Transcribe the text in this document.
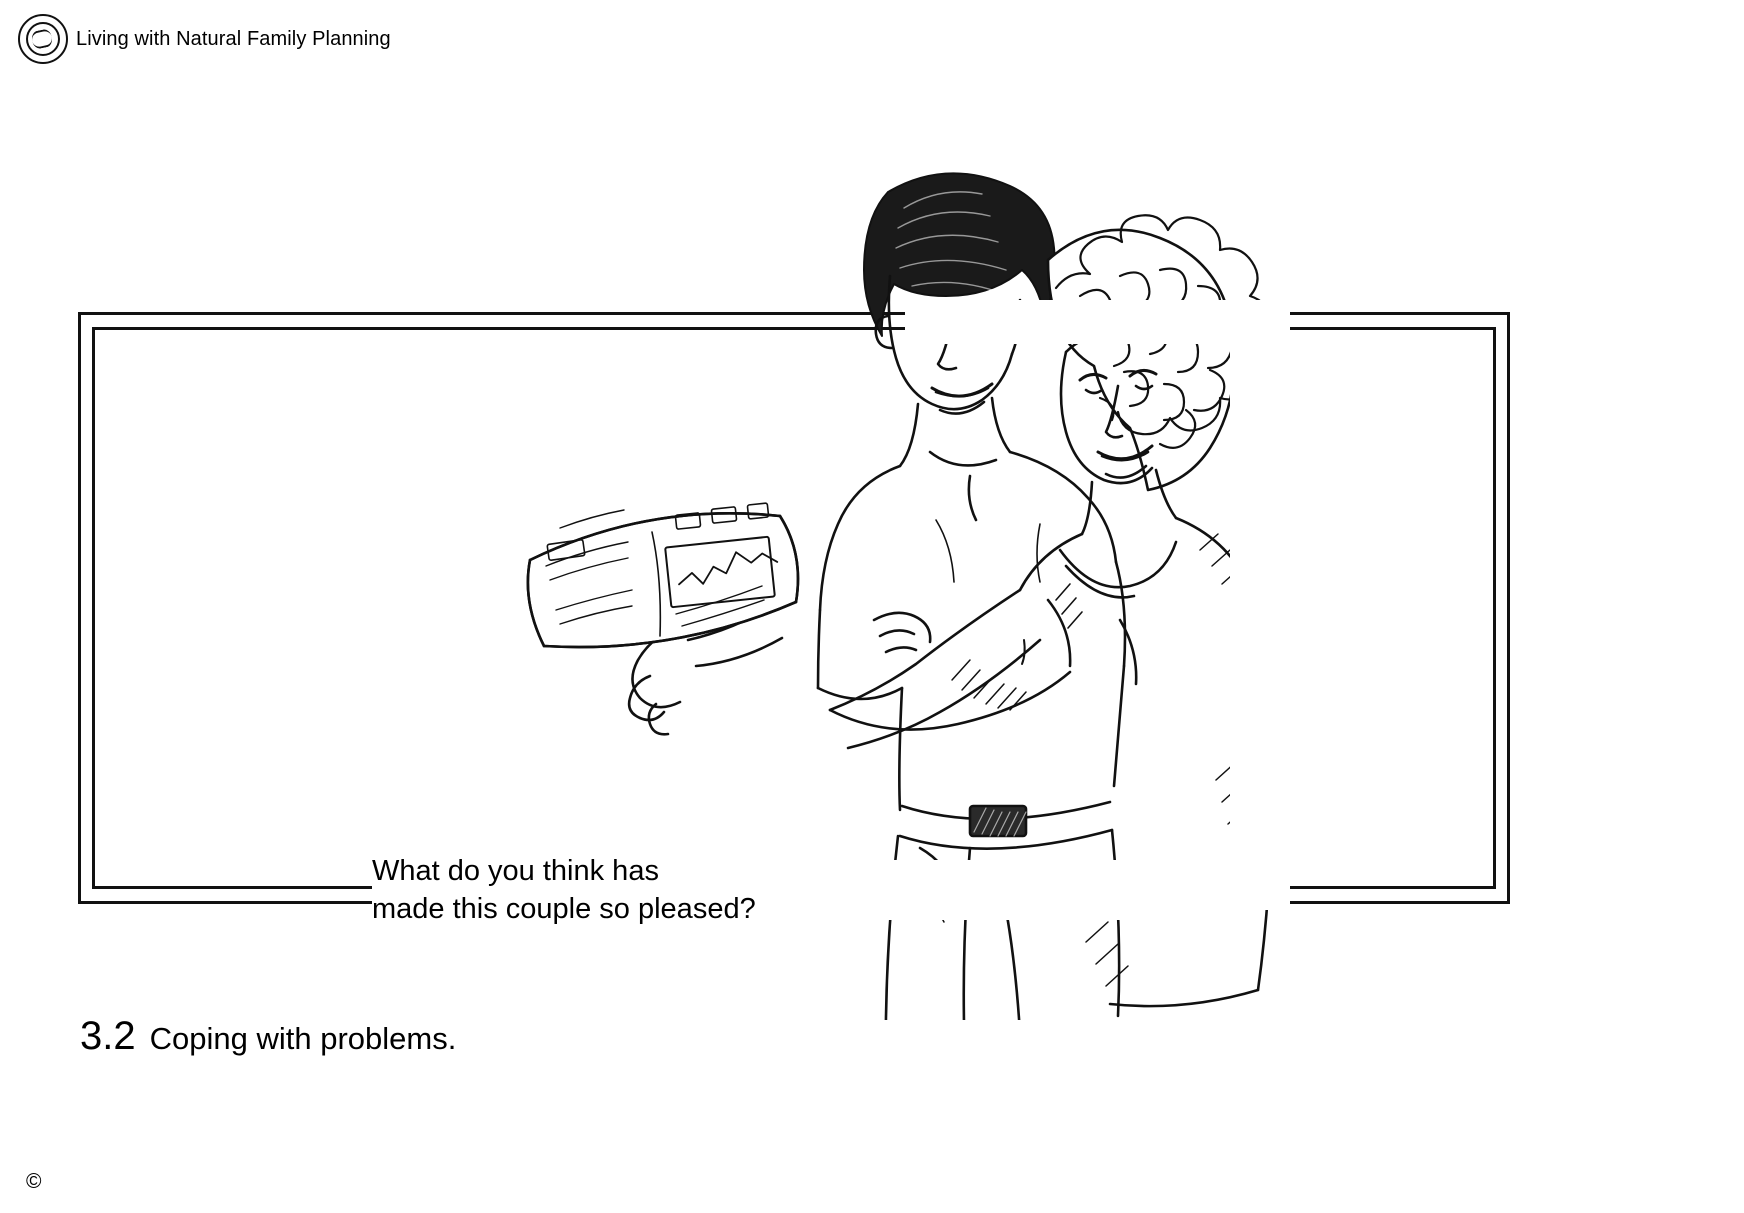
Living with Natural Family Planning
What do you think has
made this couple so pleased?
3.2 Coping with problems.
©
